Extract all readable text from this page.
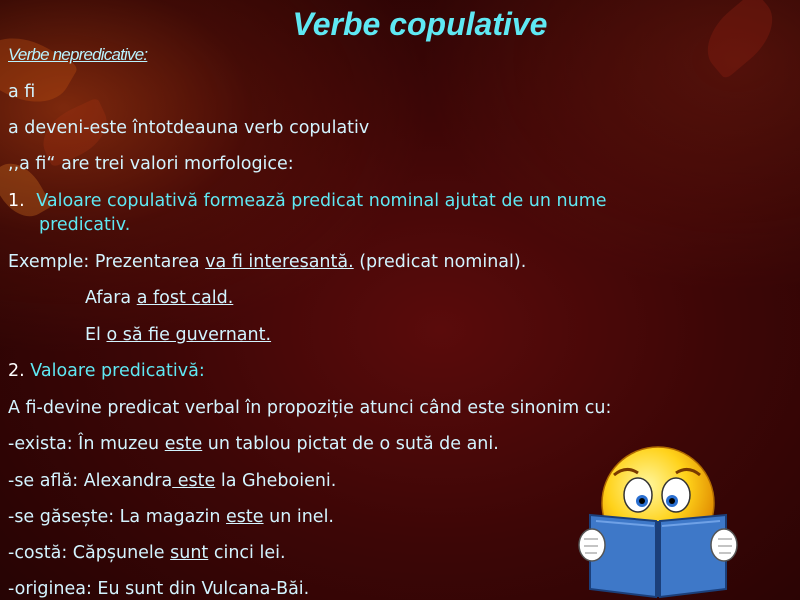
Verbe copulative
Verbe nepredicative:
a fi
a deveni-este întotdeauna verb copulativ
,,a fi“ are trei valori morfologice:
1. Valoare copulativă formează predicat nominal ajutat de un nume
predicativ.
Exemple: Prezentarea va fi interesantă. (predicat nominal).
Afara a fost cald.
El o să fie guvernant.
2. Valoare predicativă:
A fi-devine predicat verbal în propoziție atunci când este sinonim cu:
-exista: În muzeu este un tablou pictat de o sută de ani.
-se află: Alexandra este la Gheboieni.
-se găsește: La magazin este un inel.
-costă: Căpșunele sunt cinci lei.
-originea: Eu sunt din Vulcana-Băi.
